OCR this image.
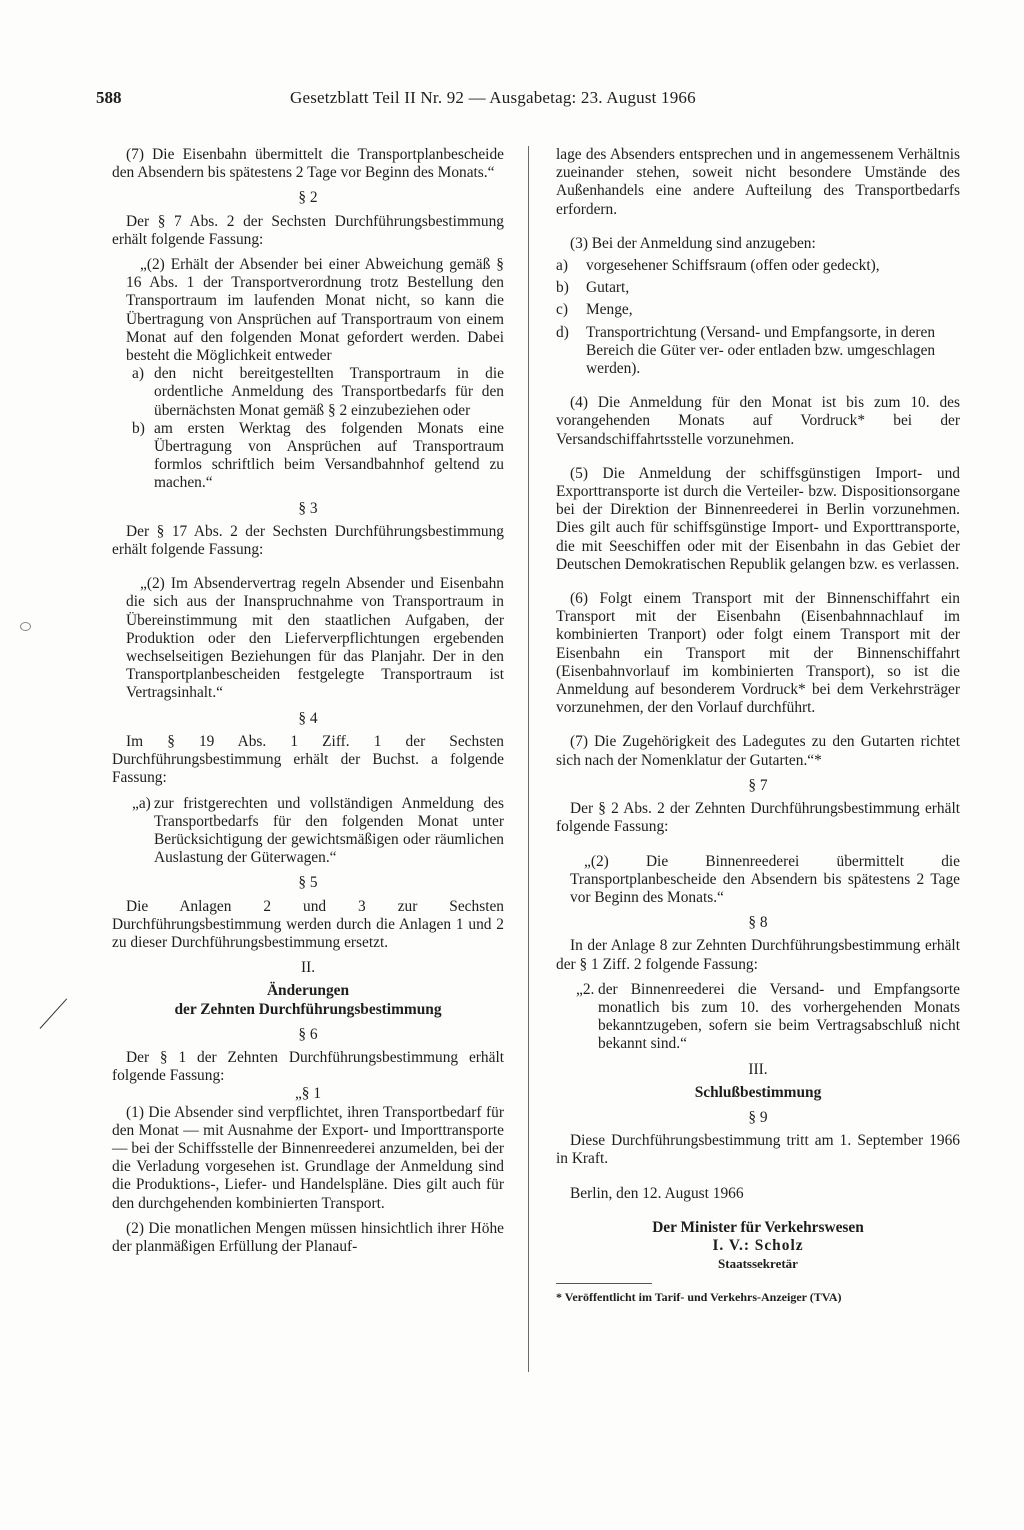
588	Gesetzblatt Teil II Nr. 92 — Ausgabetag: 23. August 1966

(7) Die Eisenbahn übermittelt die Transportplanbescheide den Absendern bis spätestens 2 Tage vor Beginn des Monats.“

§ 2

Der § 7 Abs. 2 der Sechsten Durchführungsbestimmung erhält folgende Fassung:

„(2) Erhält der Absender bei einer Abweichung gemäß § 16 Abs. 1 der Transportverordnung trotz Bestellung den Transportraum im laufenden Monat nicht, so kann die Übertragung von Ansprüchen auf Transportraum von einem Monat auf den folgenden Monat gefordert werden. Dabei besteht die Möglichkeit entweder

a) den nicht bereitgestellten Transportraum in die ordentliche Anmeldung des Transportbedarfs für den übernächsten Monat gemäß § 2 einzubeziehen oder
b) am ersten Werktag des folgenden Monats eine Übertragung von Ansprüchen auf Transportraum formlos schriftlich beim Versandbahnhof geltend zu machen.“

§ 3

Der § 17 Abs. 2 der Sechsten Durchführungsbestimmung erhält folgende Fassung:

„(2) Im Absendervertrag regeln Absender und Eisenbahn die sich aus der Inanspruchnahme von Transportraum in Übereinstimmung mit den staatlichen Aufgaben, der Produktion oder den Lieferverpflichtungen ergebenden wechselseitigen Beziehungen für das Planjahr. Der in den Transportplanbescheiden festgelegte Transportraum ist Vertragsinhalt.“

§ 4

Im § 19 Abs. 1 Ziff. 1 der Sechsten Durchführungsbestimmung erhält der Buchst. a folgende Fassung:

„a) zur fristgerechten und vollständigen Anmeldung des Transportbedarfs für den folgenden Monat unter Berücksichtigung der gewichtsmäßigen oder räumlichen Auslastung der Güterwagen.“

§ 5

Die Anlagen 2 und 3 zur Sechsten Durchführungsbestimmung werden durch die Anlagen 1 und 2 zu dieser Durchführungsbestimmung ersetzt.

II.

Änderungen

der Zehnten Durchführungsbestimmung

§ 6

Der § 1 der Zehnten Durchführungsbestimmung erhält folgende Fassung:

„§ 1

(1) Die Absender sind verpflichtet, ihren Transportbedarf für den Monat — mit Ausnahme der Export- und Importtransporte — bei der Schiffsstelle der Binnenreederei anzumelden, bei der die Verladung vorgesehen ist. Grundlage der Anmeldung sind die Produktions-, Liefer- und Handelspläne. Dies gilt auch für den durchgehenden kombinierten Transport.

(2) Die monatlichen Mengen müssen hinsichtlich ihrer Höhe der planmäßigen Erfüllung der Planauf-

lage des Absenders entsprechen und in angemessenem Verhältnis zueinander stehen, soweit nicht besondere Umstände des Außenhandels eine andere Aufteilung des Transportbedarfs erfordern.

(3) Bei der Anmeldung sind anzugeben:

a)	vorgesehener Schiffsraum (offen oder gedeckt),
b)	Gutart,
c)	Menge,
d)	Transportrichtung (Versand- und Empfangsorte, in deren Bereich die Güter ver- oder entladen bzw. umgeschlagen werden).

(4) Die Anmeldung für den Monat ist bis zum 10. des vorangehenden Monats auf Vordruck* bei der Versandschiffahrtsstelle vorzunehmen.

(5) Die Anmeldung der schiffsgünstigen Import- und Exporttransporte ist durch die Verteiler- bzw. Dispositionsorgane bei der Direktion der Binnenreederei in Berlin vorzunehmen. Dies gilt auch für schiffsgünstige Import- und Exporttransporte, die mit Seeschiffen oder mit der Eisenbahn in das Gebiet der Deutschen Demokratischen Republik gelangen bzw. es verlassen.

(6) Folgt einem Transport mit der Binnenschiffahrt ein Transport mit der Eisenbahn (Eisenbahnnachlauf im kombinierten Tranport) oder folgt einem Transport mit der Eisenbahn ein Transport mit der Binnenschiffahrt (Eisenbahnvorlauf im kombinierten Transport), so ist die Anmeldung auf besonderem Vordruck* bei dem Verkehrsträger vorzunehmen, der den Vorlauf durchführt.

(7) Die Zugehörigkeit des Ladegutes zu den Gutarten richtet sich nach der Nomenklatur der Gutarten.“*

§ 7

Der § 2 Abs. 2 der Zehnten Durchführungsbestimmung erhält folgende Fassung:

„(2) Die Binnenreederei übermittelt die Transportplanbescheide den Absendern bis spätestens 2 Tage vor Beginn des Monats.“

§ 8

In der Anlage 8 zur Zehnten Durchführungsbestimmung erhält der § 1 Ziff. 2 folgende Fassung:

„2. der Binnenreederei die Versand- und Empfangsorte monatlich bis zum 10. des vorhergehenden Monats bekanntzugeben, sofern sie beim Vertragsabschluß nicht bekannt sind.“

III.

Schlußbestimmung

§ 9

Diese Durchführungsbestimmung tritt am 1. September 1966 in Kraft.

Berlin, den 12. August 1966

Der Minister für Verkehrswesen

I. V.: Scholz

Staatssekretär

* Veröffentlicht im Tarif- und Verkehrs-Anzeiger (TVA)
